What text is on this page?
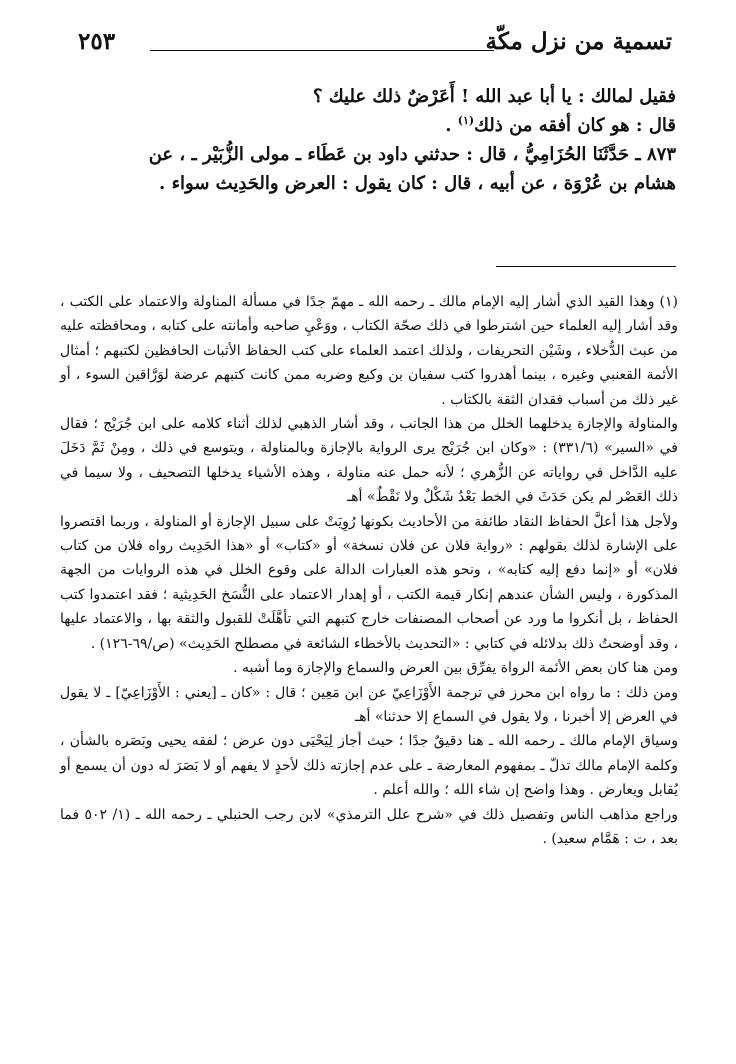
تسمية من نزل مكّة
٢٥٣

فقيل لمالك : يا أبا عبد الله ! أَعَرْضٌ ذلك عليك ؟

قال : هو كان أفقه من ذلك$^{(١)}$ .

٨٧٣ ـ حَدَّثَنَا الحُزَامِيُّ ، قال : حدثني داود بن عَطَاء ـ مولى الزُّبَيْر ـ ، عن

هشام بن عُرْوَة ، عن أبيه ، قال : كان يقول : العرض والحَدِيث سواء .

(١) وهذا القيد الذي أشار إليه الإمام مالك ـ رحمه الله ـ مهمّ جدًا في مسألة المناولة والاعتماد على الكتب ، وقد أشار إليه العلماء حين اشترطوا في ذلك صحّة الكتاب ، ووَعْيِ صاحبه وأمانته على كتابه ، ومحافظته عليه من عبث الدُّخلاء ، وشَيْن التحريفات ، ولذلك اعتمد العلماء على كتب الحفاظ الأثبات الحافظين لكتبهم ؛ أمثال الأئمة القعنبي وغيره ، بينما أهدروا كتب سفيان بن وكيع وضربه ممن كانت كتبهم عرضة لوَرَّاقين السوء ، أو غير ذلك من أسباب فقدان الثقة بالكتاب .

والمناولة والإجازة يدخلهما الخلل من هذا الجانب ، وقد أشار الذهبي لذلك أثناء كلامه على ابن جُرَيْج ؛ فقال في «السير» (٣٣١/٦) : «وكان ابن جُرَيْج يرى الرواية بالإجازة وبالمناولة ، ويتوسع في ذلك ، ومِنْ ثَمَّ دَخَلَ عليه الدَّاخل في رواياته عن الزُّهري ؛ لأنه حمل عنه مناولة ، وهذه الأشياء يدخلها التصحيف ، ولا سيما في ذلك العَصْر لم يكن حَدَثَ في الخط بَعْدُ شَكْلٌ ولا نَقْطٌ» أهـ

ولأجل هذا أعلَّ الحفاظ النقاد طائفة من الأحاديث بكونها رُوِيَتْ على سبيل الإجازة أو المناولة ، وربما اقتصروا على الإشارة لذلك بقولهم : «رواية فلان عن فلان نسخة» أو «كتاب» أو «هذا الحَدِيث رواه فلان من كتاب فلان» أو «إنما دفع إليه كتابه» ، ونحو هذه العبارات الدالة على وقوع الخلل في هذه الروايات من الجهة المذكورة ، وليس الشأن عندهم إنكار قيمة الكتب ، أو إهدار الاعتماد على النُّسَخ الحَدِيثية ؛ فقد اعتمدوا كتب الحفاظ ، بل أنكروا ما ورد عن أصحاب المصنفات خارج كتبهم التي تأهَّلَتْ للقبول والثقة بها ، والاعتماد عليها ، وقد أوضحتُ ذلك بدلائله في كتابي : «التحديث بالأخطاء الشائعة في مصطلح الحَدِيث» (ص/٦٩-١٢٦) .

ومن هنا كان بعض الأئمة الرواة يفرِّق بين العرض والسماع والإجازة وما أشبه .

ومن ذلك : ما رواه ابن محرز في ترجمة الأَوْزَاعِيّ عن ابن مَعِين ؛ قال : «كان ـ [يعني : الأَوْزَاعِيّ] ـ لا يقول في العرض إلا أخبرنا ، ولا يقول في السماع إلا حدثنا» أهـ

وسياق الإمام مالك ـ رحمه الله ـ هنا دقيقٌ جدًا ؛ حيث أجاز لِيَحْيَى دون عرض ؛ لفقه يحيى وبَصَره بالشأن ، وكلمة الإمام مالك تدلّ ـ بمفهوم المعارضة ـ على عدم إجازته ذلك لأحدٍ لا يفهم أو لا بَصَرَ له دون أن يسمع أو يُقابل ويعارض . وهذا واضح إن شاء الله ؛ والله أعلم .

وراجع مذاهب الناس وتفصيل ذلك في «شرح علل الترمذي» لابن رجب الحنبلي ـ رحمه الله ـ (١/ ٥٠٢ فما بعد ، ت : هَمَّام سعيد) .
